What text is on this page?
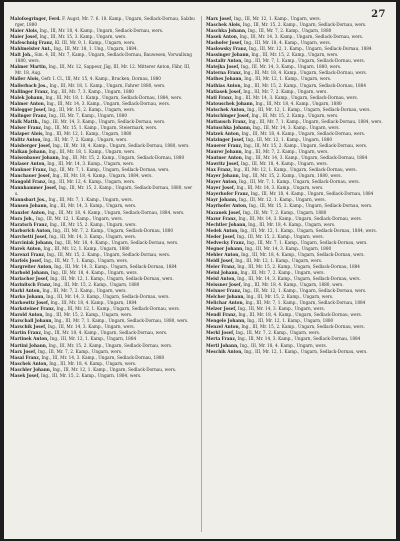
27

Malofsegringer, Ferd. F. Augst, Mr. 7. 6. 18. Kamp., Ungarn, Sedlack-Dornau, Salzburger, 1880

Maier Alois, Ing., III, Mr. 18, 4. Kamp., Ungarn, Sedlack-Dornau, wers.

Maier Josef, Ing., III, Mr. 15, 3. Kamp., Ungarn, wers.

Mafeschnig Franz, Kl. III, Mr. 9, 1. Kamp., Ungarn, wers.

Mahlmeister Ant., Ing., III, Mr. 18, 1. Ung., Ungarn, 1884.

Malt Joh., Sim. 4, III, Mr. 7, Kamp., Ungarn, Sedlack-Dornau, Bauwesen, Vorwallung 1880, wers.

Malmer Martin, Ing., III, Mr. 12, Sappeur, Jäg, III, Mr. 12. Mitterer Anton, Fähr, III, Mr. 18, Aug.

Maller Alois, Gefr. I. Cl., III, Mr. 15, 4. Kamp., Brucken, Dornau, 1880

Mallerbach Jos., Ing., III, Mr. 18, 1. Kamp., Ungarn, Fahrer 1880, wers.

Mallinger Franz, Ing., III, Mr. 7, 3. Kamp., Ungarn, 1880

Malek Johann, Ing., III, Mr. 18, 1. Kamp., Ungarn, Sedlack-Dornau, 1884, wers.

Malmer Anton, Ing., III, Mr. 14, 3. Kamp., Ungarn, Sedlack-Dornau, wers.

Malegger Josef, Ing., III, Mr. 15, 2. Kamp., Ungarn, wers.

Malinger Franz, Ing., III, Mr. 7, Kamp., Ungarn, 1880

Malk Matth., Ing., III, Mr. 14, 3. Kamp., Ungarn, Sedlack-Dornau, wers.

Malser Franz, Ing., III, Mr. 15, 1. Kamp., Ungarn, Steiermark, wers.

Malaper Alois, Ing., III, Mr. 12, 1. Kamp., Ungarn, 1880

Malitz Anton, Ing., III, Mr. 7, 2. Kamp., Ungarn, wers.

Maisberger Josef, Ing., III, Mr. 18, 4. Kamp., Ungarn, Sedlack-Dornau, 1880, wers.

Malkan Johann, Ing., III, Mr. 18, 1. Kamp., Ungarn, wers.

Maisenbauer Johann, Ing., III, Mr. 15, 2. Kamp., Ungarn, Sedlack-Dornau, 1880

Malaser Anton, Ing., III, Mr. 14, 3. Kamp., Ungarn, wers.

Mankner Franz, Ing., III, Mr. 7, 1. Kamp., Ungarn, Sedlack-Dornau, wers.

Manchauer Josef, Ing., III, Mr. 18, 4. Kamp., Ungarn, 1884, wers.

Mangold Franz, Ing., III, Mr. 12, 4. Kamp., Ungarn, wers.

Mannhammer Josef, Ing., III, Mr. 15, 2. Kamp., Ungarn, Sedlack-Dornau, 1880, wers.

Mannsbart Jos., Ing., III, Mr. 7, 1. Kamp., Ungarn, wers.

Mansen Johann, Ing., III, Mr. 14, 3. Kamp., Ungarn, wers.

Manzler Anton, Ing., III, Mr. 18, 4. Kamp., Ungarn, Sedlack-Dornau, 1884, wers.

Mara Joh., Ing., III, Mr. 12, 1. Kamp., Ungarn, wers.

Maratsch Franz, Ing., III, Mr. 15, 2. Kamp., Ungarn, wers.

Marborich Anton, Ing., III, Mr. 7, 2. Kamp., Ungarn, Sedlack-Dornau, 1880

Marchetti Josef, Ing., III, Mr. 14, 3. Kamp., Ungarn, wers.

Marciniak Johann, Ing., III, Mr. 18, 4. Kamp., Ungarn, Sedlack-Dornau, wers.

Marek Anton, Ing., III, Mr. 12, 1. Kamp., Ungarn, 1880

Marenzi Franz, Ing., III, Mr. 15, 2. Kamp., Ungarn, Sedlack-Dornau, wers.

Marfels Josef, Ing., III, Mr. 7, 1. Kamp., Ungarn, wers.

Margreiter Anton, Ing., III, Mr. 14, 3. Kamp., Ungarn, Sedlack-Dornau, 1884

Marhold Johann, Ing., III, Mr. 18, 4. Kamp., Ungarn, wers.

Mariacher Josef, Ing., III, Mr. 12, 1. Kamp., Ungarn, Sedlack-Dornau, wers.

Marinitsch Franz, Ing., III, Mr. 15, 2. Kamp., Ungarn, 1880

Markl Anton, Ing., III, Mr. 7, 2. Kamp., Ungarn, wers.

Marko Johann, Ing., III, Mr. 14, 3. Kamp., Ungarn, Sedlack-Dornau, wers.

Markowitz Josef, Ing., III, Mr. 18, 4. Kamp., Ungarn, 1884

Marksteiner Franz, Ing., III, Mr. 12, 1. Kamp., Ungarn, Sedlack-Dornau, wers.

Marold Anton, Ing., III, Mr. 15, 2. Kamp., Ungarn, wers.

Marschall Johann, Ing., III, Mr. 7, 1. Kamp., Ungarn, Sedlack-Dornau, 1880, wers.

Marschik Josef, Ing., III, Mr. 14, 3. Kamp., Ungarn, wers.

Martin Franz, Ing., III, Mr. 18, 4. Kamp., Ungarn, Sedlack-Dornau, wers.

Martinek Anton, Ing., III, Mr. 12, 1. Kamp., Ungarn, 1884

Martini Johann, Ing., III, Mr. 15, 2. Kamp., Ungarn, Sedlack-Dornau, wers.

Marx Josef, Ing., III, Mr. 7, 2. Kamp., Ungarn, wers.

Masal Franz, Ing., III, Mr. 14, 3. Kamp., Ungarn, Sedlack-Dornau, 1880

Maschek Anton, Ing., III, Mr. 18, 4. Kamp., Ungarn, wers.

Maschler Johann, Ing., III, Mr. 12, 1. Kamp., Ungarn, Sedlack-Dornau, wers.

Masek Josef, Ing., III, Mr. 15, 2. Kamp., Ungarn, 1884, wers.

Marx Josef, Ing., III, Mr. 12, 1. Kamp., Ungarn, wers.

Maschek Alois, Ing., III, Mr. 15, 2. Kamp., Ungarn, Sedlack-Dornau, wers.

Maschka Johann, Ing., III, Mr. 7, 2. Kamp., Ungarn, 1880

Masek Anton, Ing., III, Mr. 14, 3. Kamp., Ungarn, Sedlack-Dornau, wers.

Mashofer Josef, Ing., III, Mr. 18, 4. Kamp., Ungarn, wers.

Maslowsky Franz, Ing., III, Mr. 12, 1. Kamp., Ungarn, Sedlack-Dornau, 1884

Massinger Johann, Ing., III, Mr. 15, 2. Kamp., Ungarn, wers.

Mastalir Anton, Ing., III, Mr. 7, 1. Kamp., Ungarn, Sedlack-Dornau, wers.

Matejka Josef, Ing., III, Mr. 14, 3. Kamp., Ungarn, 1880, wers.

Materna Franz, Ing., III, Mr. 18, 4. Kamp., Ungarn, Sedlack-Dornau, wers.

Mathes Johann, Ing., III, Mr. 12, 1. Kamp., Ungarn, wers.

Mathias Anton, Ing., III, Mr. 15, 2. Kamp., Ungarn, Sedlack-Dornau, 1884

Matiasek Josef, Ing., III, Mr. 7, 2. Kamp., Ungarn, wers.

Matl Franz, Ing., III, Mr. 14, 3. Kamp., Ungarn, Sedlack-Dornau, wers.

Matouschek Johann, Ing., III, Mr. 18, 4. Kamp., Ungarn, 1880

Matschek Anton, Ing., III, Mr. 12, 1. Kamp., Ungarn, Sedlack-Dornau, wers.

Matschinger Josef, Ing., III, Mr. 15, 2. Kamp., Ungarn, wers.

Mattausch Franz, Ing., III, Mr. 7, 1. Kamp., Ungarn, Sedlack-Dornau, 1884, wers.

Matuschka Johann, Ing., III, Mr. 14, 3. Kamp., Ungarn, wers.

Matzek Anton, Ing., III, Mr. 18, 4. Kamp., Ungarn, Sedlack-Dornau, wers.

Matzinger Josef, Ing., III, Mr. 12, 1. Kamp., Ungarn, 1880

Mauerer Franz, Ing., III, Mr. 15, 2. Kamp., Ungarn, Sedlack-Dornau, wers.

Maurer Johann, Ing., III, Mr. 7, 2. Kamp., Ungarn, wers.

Mautner Anton, Ing., III, Mr. 14, 3. Kamp., Ungarn, Sedlack-Dornau, 1884

Mawritz Josef, Ing., III, Mr. 18, 4. Kamp., Ungarn, wers.

Max Franz, Ing., III, Mr. 12, 1. Kamp., Ungarn, Sedlack-Dornau, wers.

Mayer Johann, Ing., III, Mr. 15, 2. Kamp., Ungarn, 1880, wers.

Mayer Anton, Ing., III, Mr. 7, 1. Kamp., Ungarn, Sedlack-Dornau, wers.

Mayer Josef, Ing., III, Mr. 14, 3. Kamp., Ungarn, wers.

Mayerhofer Franz, Ing., III, Mr. 18, 4. Kamp., Ungarn, Sedlack-Dornau, 1884

Mayr Johann, Ing., III, Mr. 12, 1. Kamp., Ungarn, wers.

Mayrhofer Anton, Ing., III, Mr. 15, 2. Kamp., Ungarn, Sedlack-Dornau, wers.

Mazanek Josef, Ing., III, Mr. 7, 2. Kamp., Ungarn, 1880

Mazur Franz, Ing., III, Mr. 14, 3. Kamp., Ungarn, Sedlack-Dornau, wers.

Mechtler Johann, Ing., III, Mr. 18, 4. Kamp., Ungarn, wers.

Medek Anton, Ing., III, Mr. 12, 1. Kamp., Ungarn, Sedlack-Dornau, 1884, wers.

Meder Josef, Ing., III, Mr. 15, 2. Kamp., Ungarn, wers.

Medvecky Franz, Ing., III, Mr. 7, 1. Kamp., Ungarn, Sedlack-Dornau, wers.

Megner Johann, Ing., III, Mr. 14, 3. Kamp., Ungarn, 1880

Mehler Anton, Ing., III, Mr. 18, 4. Kamp., Ungarn, Sedlack-Dornau, wers.

Meidl Josef, Ing., III, Mr. 12, 1. Kamp., Ungarn, wers.

Meier Franz, Ing., III, Mr. 15, 2. Kamp., Ungarn, Sedlack-Dornau, 1884

Meinl Johann, Ing., III, Mr. 7, 2. Kamp., Ungarn, wers.

Meisl Anton, Ing., III, Mr. 14, 3. Kamp., Ungarn, Sedlack-Dornau, wers.

Meissner Josef, Ing., III, Mr. 18, 4. Kamp., Ungarn, 1880, wers.

Meixner Franz, Ing., III, Mr. 12, 1. Kamp., Ungarn, Sedlack-Dornau, wers.

Melcher Johann, Ing., III, Mr. 15, 2. Kamp., Ungarn, wers.

Melichar Anton, Ing., III, Mr. 7, 1. Kamp., Ungarn, Sedlack-Dornau, 1884

Melzer Josef, Ing., III, Mr. 14, 3. Kamp., Ungarn, wers.

Mendl Franz, Ing., III, Mr. 18, 4. Kamp., Ungarn, Sedlack-Dornau, wers.

Mengele Johann, Ing., III, Mr. 12, 1. Kamp., Ungarn, 1880

Menzel Anton, Ing., III, Mr. 15, 2. Kamp., Ungarn, Sedlack-Dornau, wers.

Merkl Josef, Ing., III, Mr. 7, 2. Kamp., Ungarn, wers.

Merta Franz, Ing., III, Mr. 14, 3. Kamp., Ungarn, Sedlack-Dornau, 1884

Mertl Johann, Ing., III, Mr. 18, 4. Kamp., Ungarn, wers.

Meschik Anton, Ing., III, Mr. 12, 1. Kamp., Ungarn, Sedlack-Dornau, wers.
